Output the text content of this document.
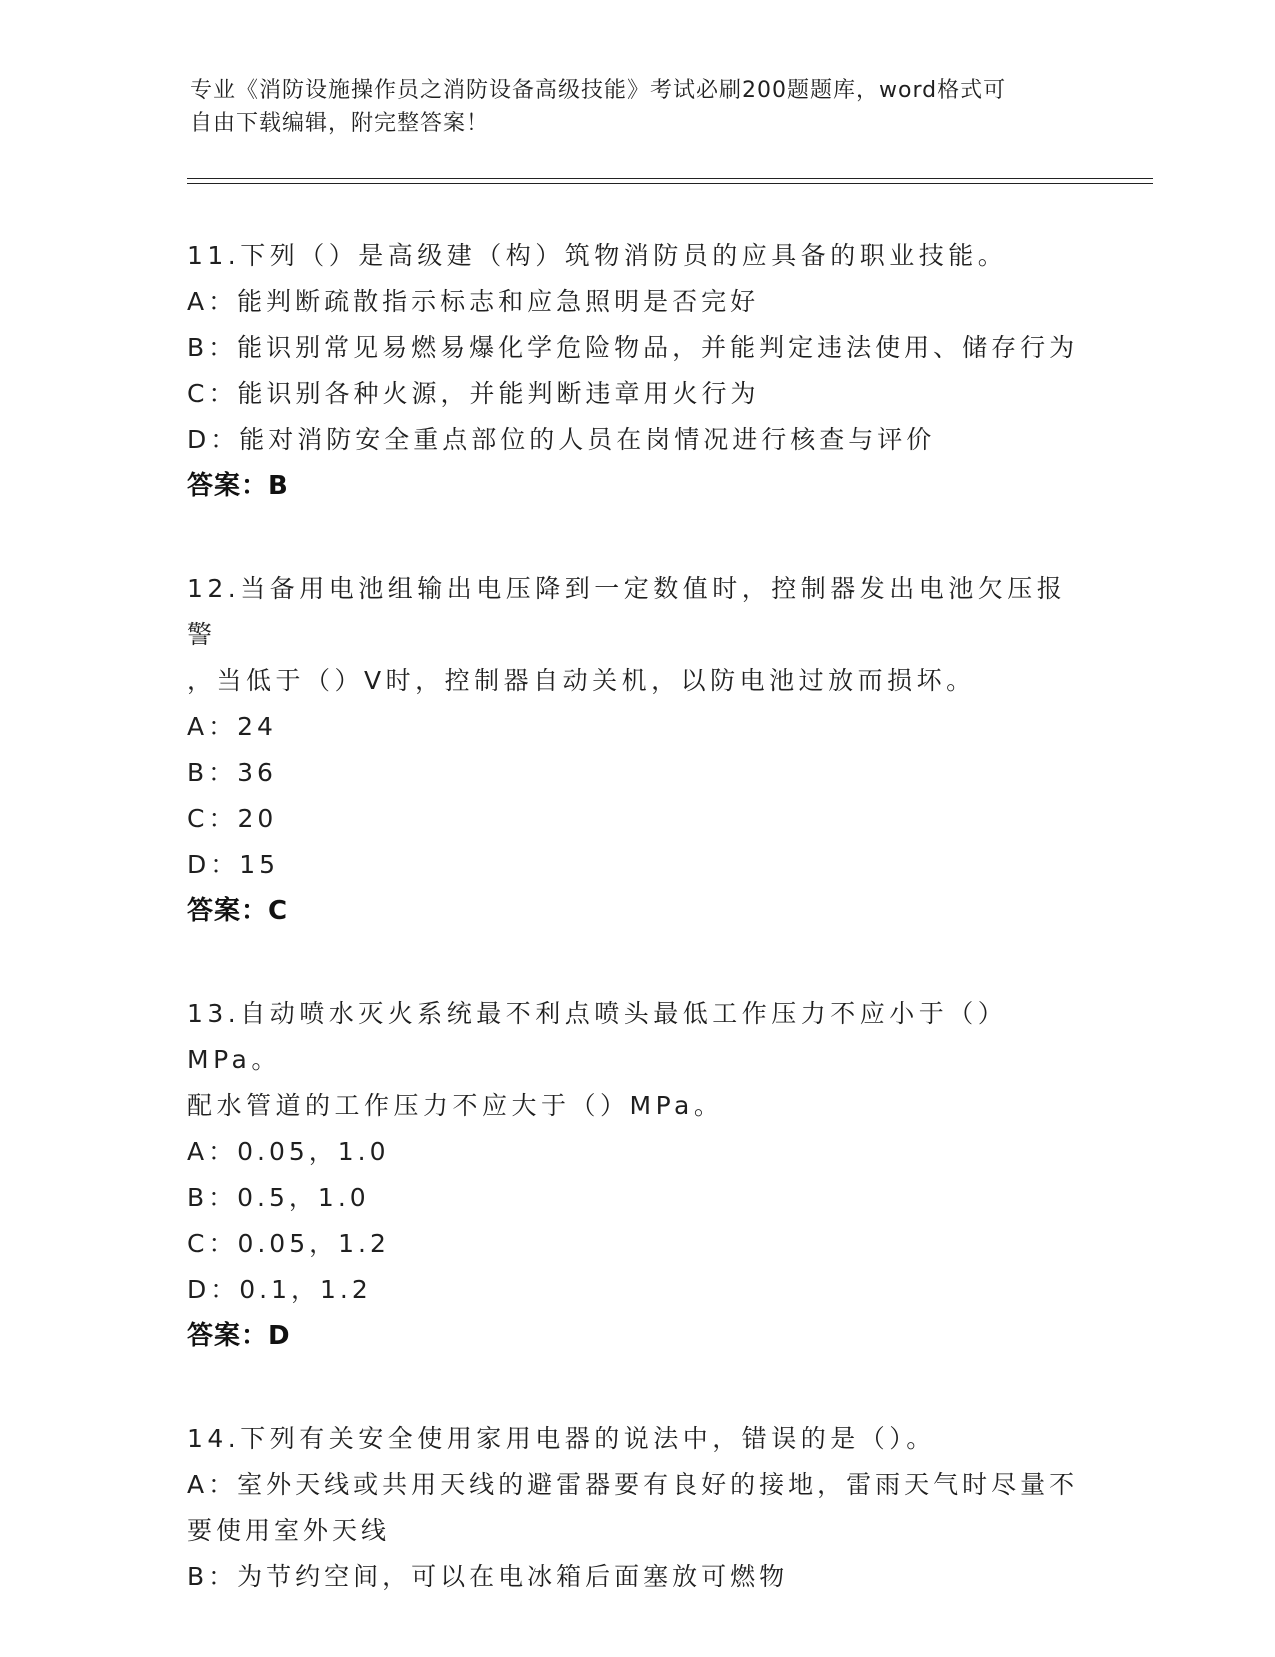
专业《消防设施操作员之消防设备高级技能》考试必刷200题题库，word格式可
自由下载编辑，附完整答案！
11.下列（）是高级建（构）筑物消防员的应具备的职业技能。
A：能判断疏散指示标志和应急照明是否完好
B：能识别常见易燃易爆化学危险物品，并能判定违法使用、储存行为
C：能识别各种火源，并能判断违章用火行为
D：能对消防安全重点部位的人员在岗情况进行核查与评价
答案：B
12.当备用电池组输出电压降到一定数值时，控制器发出电池欠压报警
，当低于（）V时，控制器自动关机，以防电池过放而损坏。
A：24
B：36
C：20
D：15
答案：C
13.自动喷水灭火系统最不利点喷头最低工作压力不应小于（）MPa。
配水管道的工作压力不应大于（）MPa。
A：0.05，1.0
B：0.5，1.0
C：0.05，1.2
D：0.1，1.2
答案：D
14.下列有关安全使用家用电器的说法中，错误的是（）。
A：室外天线或共用天线的避雷器要有良好的接地，雷雨天气时尽量不
要使用室外天线
B：为节约空间，可以在电冰箱后面塞放可燃物
